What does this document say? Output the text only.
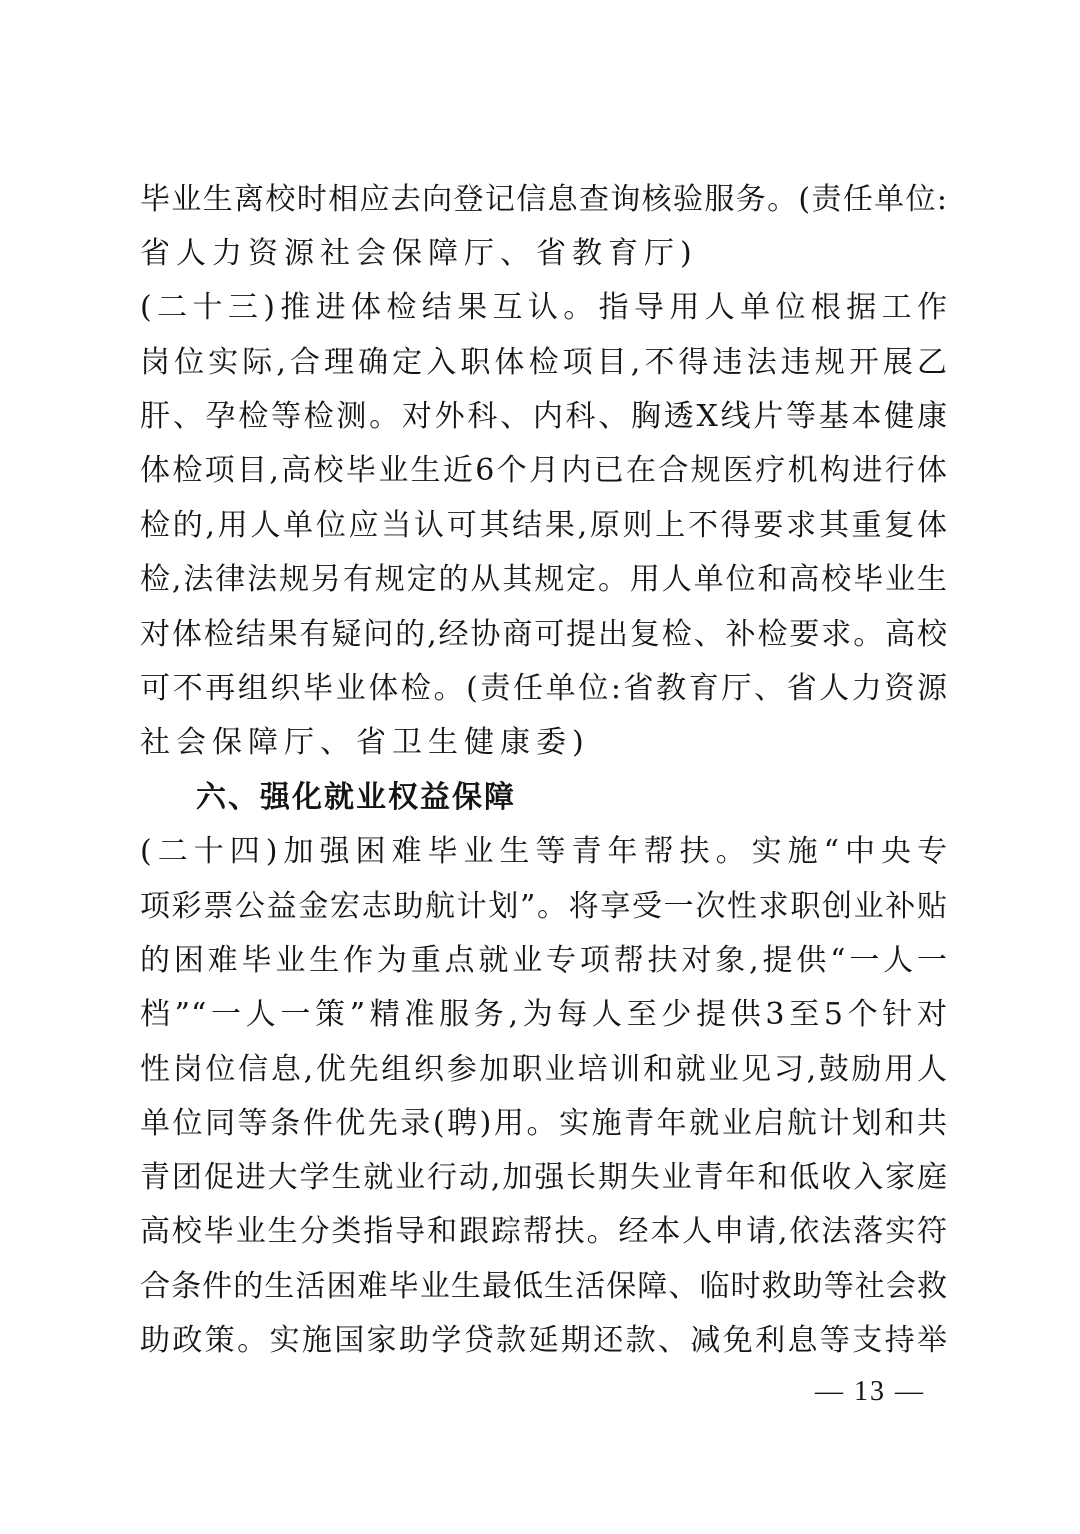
毕业生离校时相应去向登记信息查询核验服务。(责任单位:
省人力资源社会保障厅、省教育厅)
(二十三)推进体检结果互认。指导用人单位根据工作
岗位实际,合理确定入职体检项目,不得违法违规开展乙
肝、孕检等检测。对外科、内科、胸透X线片等基本健康
体检项目,高校毕业生近6个月内已在合规医疗机构进行体
检的,用人单位应当认可其结果,原则上不得要求其重复体
检,法律法规另有规定的从其规定。用人单位和高校毕业生
对体检结果有疑问的,经协商可提出复检、补检要求。高校
可不再组织毕业体检。(责任单位:省教育厅、省人力资源
社会保障厅、省卫生健康委)
六、强化就业权益保障
(二十四)加强困难毕业生等青年帮扶。实施“中央专
项彩票公益金宏志助航计划”。将享受一次性求职创业补贴
的困难毕业生作为重点就业专项帮扶对象,提供“一人一
档”“一人一策”精准服务,为每人至少提供3至5个针对
性岗位信息,优先组织参加职业培训和就业见习,鼓励用人
单位同等条件优先录(聘)用。实施青年就业启航计划和共
青团促进大学生就业行动,加强长期失业青年和低收入家庭
高校毕业生分类指导和跟踪帮扶。经本人申请,依法落实符
合条件的生活困难毕业生最低生活保障、临时救助等社会救
助政策。实施国家助学贷款延期还款、减免利息等支持举
— 13 —
